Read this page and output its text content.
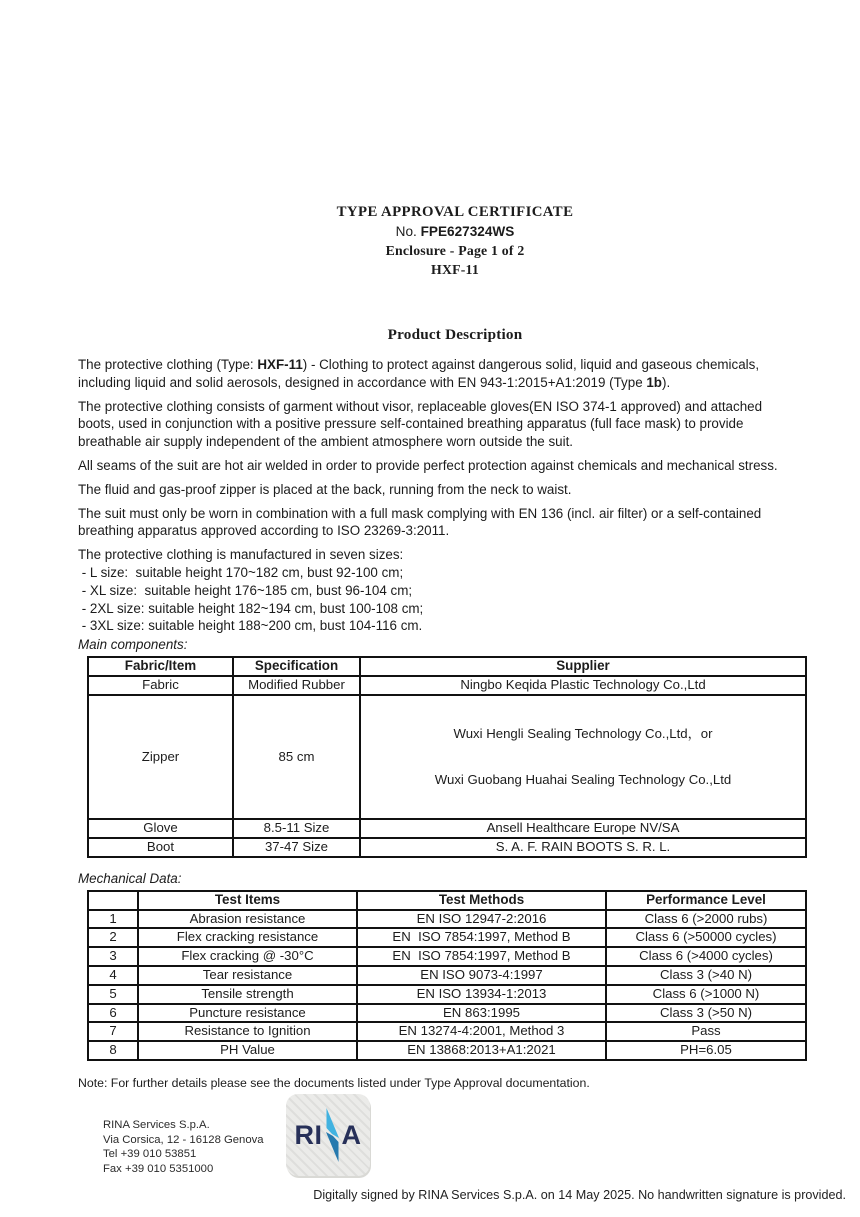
TYPE APPROVAL CERTIFICATE
No. FPE627324WS
Enclosure - Page 1 of 2
HXF-11
Product Description

The protective clothing (Type: HXF-11) - Clothing to protect against dangerous solid, liquid and gaseous chemicals, including liquid and solid aerosols, designed in accordance with EN 943-1:2015+A1:2019 (Type 1b).

The protective clothing consists of garment without visor, replaceable gloves(EN ISO 374-1 approved) and attached boots, used in conjunction with a positive pressure self-contained breathing apparatus (full face mask) to provide breathable air supply independent of the ambient atmosphere worn outside the suit.

All seams of the suit are hot air welded in order to provide perfect protection against chemicals and mechanical stress.

The fluid and gas-proof zipper is placed at the back, running from the neck to waist.

The suit must only be worn in combination with a full mask complying with EN 136 (incl. air filter) or a self-contained breathing apparatus approved according to ISO 23269-3:2011.

The protective clothing is manufactured in seven sizes:

- L size:  suitable height 170~182 cm, bust 92-100 cm;
- XL size:  suitable height 176~185 cm, bust 96-104 cm;
- 2XL size: suitable height 182~194 cm, bust 100-108 cm;
- 3XL size: suitable height 188~200 cm, bust 104-116 cm.
Main components:
Fabric/Item	Specification	Supplier
Fabric	Modified Rubber	Ningbo Keqida Plastic Technology Co.,Ltd
Zipper	85 cm	Wuxi Hengli Sealing Technology Co.,Ltd，or

Wuxi Guobang Huahai Sealing Technology Co.,Ltd

Glove	8.5-11 Size	Ansell Healthcare Europe NV/SA
Boot	37-47 Size	S. A. F. RAIN BOOTS S. R. L.
Mechanical Data:
	Test Items	Test Methods	Performance Level
1	Abrasion resistance	EN ISO 12947-2:2016	Class 6 (>2000 rubs)
2	Flex cracking resistance	EN  ISO 7854:1997, Method B	Class 6 (>50000 cycles)
3	Flex cracking @ -30°C	EN  ISO 7854:1997, Method B	Class 6 (>4000 cycles)
4	Tear resistance	EN ISO 9073-4:1997	Class 3 (>40 N)
5	Tensile strength	EN ISO 13934-1:2013	Class 6 (>1000 N)
6	Puncture resistance	EN 863:1995	Class 3 (>50 N)
7	Resistance to Ignition	EN 13274-4:2001, Method 3	Pass
8	PH Value	EN 13868:2013+A1:2021	PH=6.05
Note: For further details please see the documents listed under Type Approval documentation.
RINA Services S.p.A.
Via Corsica, 12 - 16128 Genova
Tel +39 010 53851
Fax +39 010 5351000
RI A
Digitally signed by RINA Services S.p.A. on 14 May 2025. No handwritten signature is provided.
